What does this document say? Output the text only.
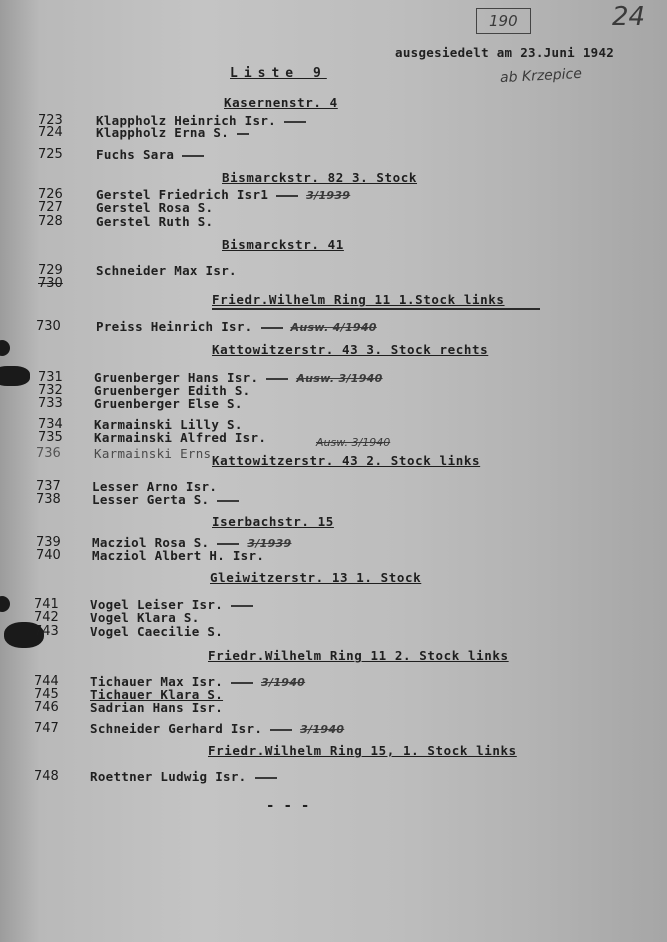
190	24
ausgesiedelt am 23.Juni 1942
ab Krzepice
Liste 9
Kasernenstr. 4
723	Klappholz Heinrich Isr.
724	Klappholz Erna S.
725	Fuchs Sara
Bismarckstr. 82 3. Stock
726	Gerstel Friedrich Isr1	3/1939
727	Gerstel Rosa S.
728	Gerstel Ruth S.
Bismarckstr. 41
729	Schneider Max Isr.
730
Friedr.Wilhelm Ring 11 1.Stock links
730	Preiss Heinrich Isr.	Ausw. 4/1940
Kattowitzerstr. 43 3. Stock rechts
731 Gruenberger Hans Isr.	Ausw. 3/1940
732 Gruenberger Edith S.
733 Gruenberger Else S.
734 Karmainski Lilly S.
735 Karmainski Alfred Isr.	Ausw. 3/1940
736	Karmainski Erns Kattowitzerstr. 43 2. Stock links
737 Lesser Arno Isr.
738 Lesser Gerta S.
Iserbachstr. 15
739 Macziol Rosa S.	3/1939
740 Macziol Albert H. Isr.
Gleiwitzerstr. 13 1. Stock
741 Vogel Leiser Isr.
742 Vogel Klara S.
743 Vogel Caecilie S.
Friedr.Wilhelm Ring 11 2. Stock links
744 Tichauer Max Isr.	3/1940
745 Tichauer Klara S.
746 Sadrian Hans Isr.
747 Schneider Gerhard Isr.	3/1940
Friedr.Wilhelm Ring 15, 1. Stock links
748 Roettner Ludwig Isr.
- - -
